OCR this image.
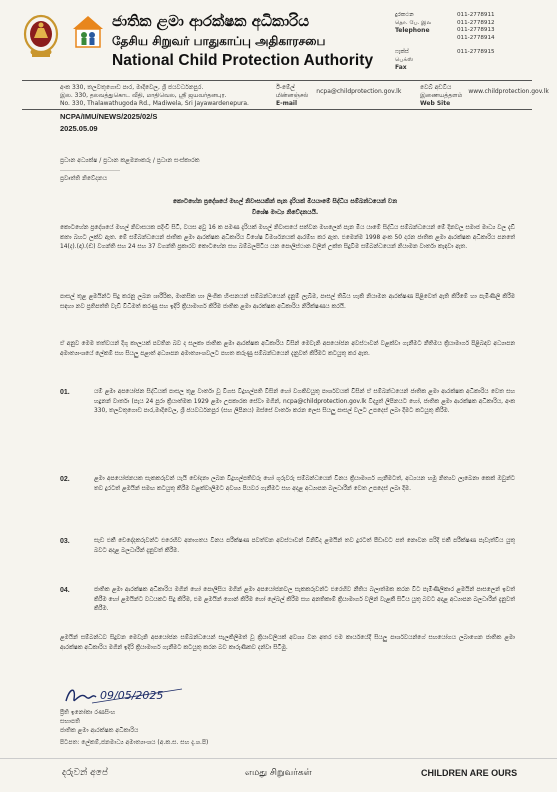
ජාතික ළමා ආරක්ෂක අධිකාරිය
தேசிய சிறுவர் பாதுகாப்பு அதிகாரசபை
National Child Protection Authority
දුරකථන
தொ. பே. இல
Telephone
011-2778911
011-2778912
011-2778913
011-2778914
ෆැක්ස්
பெக்ஸ்
Fax
011-2778915
අංක 330, තලවතුගොඩ පාර, මාදිවෙල, ශ්‍රී ජයවර්ධනපුර.
இல. 330, தலவத்துகொட வீதி, மாதிவெல, ஸ்ரீ ஜயவர்தனபுர.
No. 330, Thalawathugoda Rd., Madiwela, Sri Jayawardenepura.
ඊ-මේල්
மின்னஞ்சல்
E-mail
ncpa@childprotection.gov.lk
වෙබ් අඩවිය
இணையத்தளம்
Web Site
www.childprotection.gov.lk
NCPA/IMU/NEWS/2025/02/S
2025.05.09
ප්‍රධාන අධ්‍යක්ෂ / ප්‍රධාන කළමනාකරු / ප්‍රධාන සංස්කාරක
…………………………
ප්‍රවෘත්ති නිවේදනය
කොටහේන ප්‍රදේශයේ මහල් නිවාසයකින් පැන දැරියක් මියයාමේ සිද්ධිය සම්බන්ධයෙන් වන
විශේෂ මාධ්‍ය නිවේදනයයි.
කොටහේන ප්‍රදේශයේ මහල් නිවාසයක පදිංචි සිටි, වයස අවු 16 ක පමණ දැරියක් මහල් නිවාසයේ සත්වන මහලෙන් පැන මිය යාමේ සිද්ධිය සම්බන්ධයෙන් මේ දිනවල සමාජ මාධ්‍ය වල දැඩි කතා බහට ලක්ව ඇත. මේ සම්බන්ධයෙන් ජාතික ළමා ආරක්ෂක අධිකාරිය විශේෂ විමර්ශනයක් ආරම්භ කර ඇත. එමෙන්ම 1998 අංක 50 දරන ජාතික ළමා ආරක්ෂක අධිකාරිය පනතේ 14(ද).(ඳ).(ඬ) වගන්ති සහ 24 සහ 37 වගන්ති ප්‍රකාරව කොටහේන සහ බම්බලපිටිය යන පොලිස්ථාන වලින් උක්ත සිදුවීම සම්බන්ධයෙන් නියාමන වාර්තා කැඳවා ඇත.
පාසල් තුළ ළමයින්ට සිදු කරනු ලබන ශාරීරික, මානසික හා ලිංගික හිංසනයන් සම්බන්ධයෙන් දැනුම් ලැබීම, පාසල් තිබිය හැකි නියාමන ආරක්ෂණ පිළිවෙත් ඇති කිරීමේ හා පැමිණිලි කිරීම සඳහා නව ප්‍රතිපත්ති වැඩි විධිමත් කරණු සහ ඉදිරි ක්‍රියාමාර්ග කිරීම ජාතික ළමා ආරක්ෂක අධිකාරිය නිරීක්ෂණය කරයි.
ඒ අනුව මෙම තත්වයන් දිගු කාලයක් පවතින බව ද සලකා ජාතික ළමා ආරක්ෂක අධිකාරිය විසින් මෙවැනි අපයෝජන අවස්ථාවන් වළක්වා ගැනීමට නීතිමය ක්‍රියාමාර්ග පිළිබඳව අධ්‍යාපන අමාත්‍යාංශයේ ලේකම් සහ සියලු පළාත් අධ්‍යාපන අමාත්‍යාංශවලට පහත කරුණු සම්බන්ධයෙන් දැනුවත් කිරීමට කටයුතු කර ඇත.
01.	යම් ළමා අපයෝජන සිද්ධියක් පාසල තුළ වාර්තා වූ විගස විදුහල්පති විසින් හෝ වගකිවයුතු පාර්ශවයක් විසින් ඒ සම්බන්ධයෙන් ජාතික ළමා ආරක්ෂක අධිකාරිය වෙත සහ හදුනන් වාර්තා (පැය 24 පුරා ක්‍රියාත්මක 1929 ළමා උපකාරක සේවා මගින්, ncpa@childprotection.gov.lk විද්‍යුත් ලිපිනයට හෝ, ජාතික ළමා ආරක්ෂක අධිකාරිය, අංක 330, තලවතුගොඩ පාර,මාදිවෙල, ශ්‍රී ජයවර්ධනපුර (සහ ලිපිනය) ඔස්සේ වාර්තා කරන ලෙස සියලු පාසල් වලට උපදෙස් ලබා දීමට කටයුතු කිරීම.
02.	ළමා අපයෝජනයක සැකකරුවන් යැයි චෝදනා ලබන විදුහල්පතිවරු හෝ ගුරුවරු සම්බන්ධයෙන් විනය ක්‍රියාමාර්ග ගැනීමටත්, අධ්‍යයන හමු නිත්‍යව ලැබෙනා කෙක් ඔවුන්ට තව දුරටත් ළමයින් සමඟ කටයුතු කිරීම වළක්වාලීමට අවශ්‍ය පියවර ගැනීමට සහ අදාළ අධ්‍යාපන බලධාරීන් වෙත උපදෙස් ලබා දීම.
03.	සැඩ එකී චෙදෝදකරුවන්ට එරෙහිව අනාගතය විනය පරීක්ෂණ පවත්වන අවස්ථාවන් විනිවිද ළමයින් තව දුරටත් පීඩාවට පත් නොවන පරිදි එකී පරීක්ෂණ පැවැත්විය යුතු බවට අදාළ බලධාරීන් දැනුවත් කිරීම.
04.	ජාතික ළමා ආරක්ෂක අධිකාරිය මගින් හෝ පොලීසිය මගින් ළමා අපයෝජනවල සැකකරුවන්ට එරෙහිව නීතිය බලාත්මක කරන විට පැමිණිලිකාර ළමයින් පාසලෙන් ඉවත් කිරීම හෝ ළමයින්ට වධයකට සිදු කිරීම, එම ළමයින් ගොන් කිරීම හෝ ලේබල් කිරීම සහ අනතිකාම් ක්‍රියාමාර්ග වලින් වැළකී සිටිය යුතු බවට අදාළ අධ්‍යාපන බලධාරීන් දැනුවත් කිරීම.
ළමයින් සම්බන්ධව සිදුවන මෙවැනි අපයෝජන සම්බන්ධයෙන් සැලකිලිමත් වූ ක්‍රියාවලියක් අවශ්‍ය වන අතර එම කාර්යයේදී සියලු පාර්ශවයන්ගේ සහයෝගය ලබාගෙන ජාතික ළමා ආරක්ෂක අධිකාරිය මගින් ඉදිරි ක්‍රියාමාර්ග ගැනීමට කටයුතු කරන බව කාරුණිකව දන්වා සිටිමු.
09/05/2025
ප්‍රීති ඉනෝකා රණසිංහ
සභාපති
ජාතික ළමා ආරක්ෂක අධිකාරිය
පිටපත: ලේකම්,ජනමාධ්‍ය අමාත්‍යාංශය (අ.ක.ස. සහ දැ.ශ.පි)
දරුවන් අපේ	எமது சிறுவர்கள்	CHILDREN ARE OURS
